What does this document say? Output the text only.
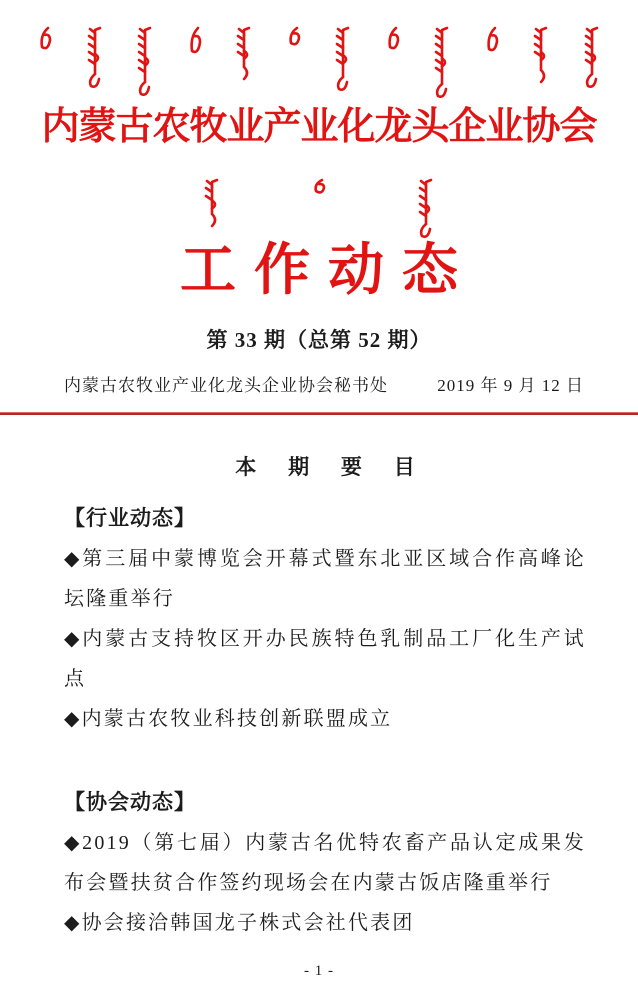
内蒙古农牧业产业化龙头企业协会
工作动态
第 33 期（总第 52 期）
内蒙古农牧业产业化龙头企业协会秘书处	2019 年 9 月 12 日
本 期 要 目
【行业动态】

◆第三届中蒙博览会开幕式暨东北亚区域合作高峰论坛隆重举行

◆内蒙古支持牧区开办民族特色乳制品工厂化生产试点

◆内蒙古农牧业科技创新联盟成立

【协会动态】

◆2019（第七届）内蒙古名优特农畜产品认定成果发布会暨扶贫合作签约现场会在内蒙古饭店隆重举行

◆协会接洽韩国龙子株式会社代表团

- 1 -
